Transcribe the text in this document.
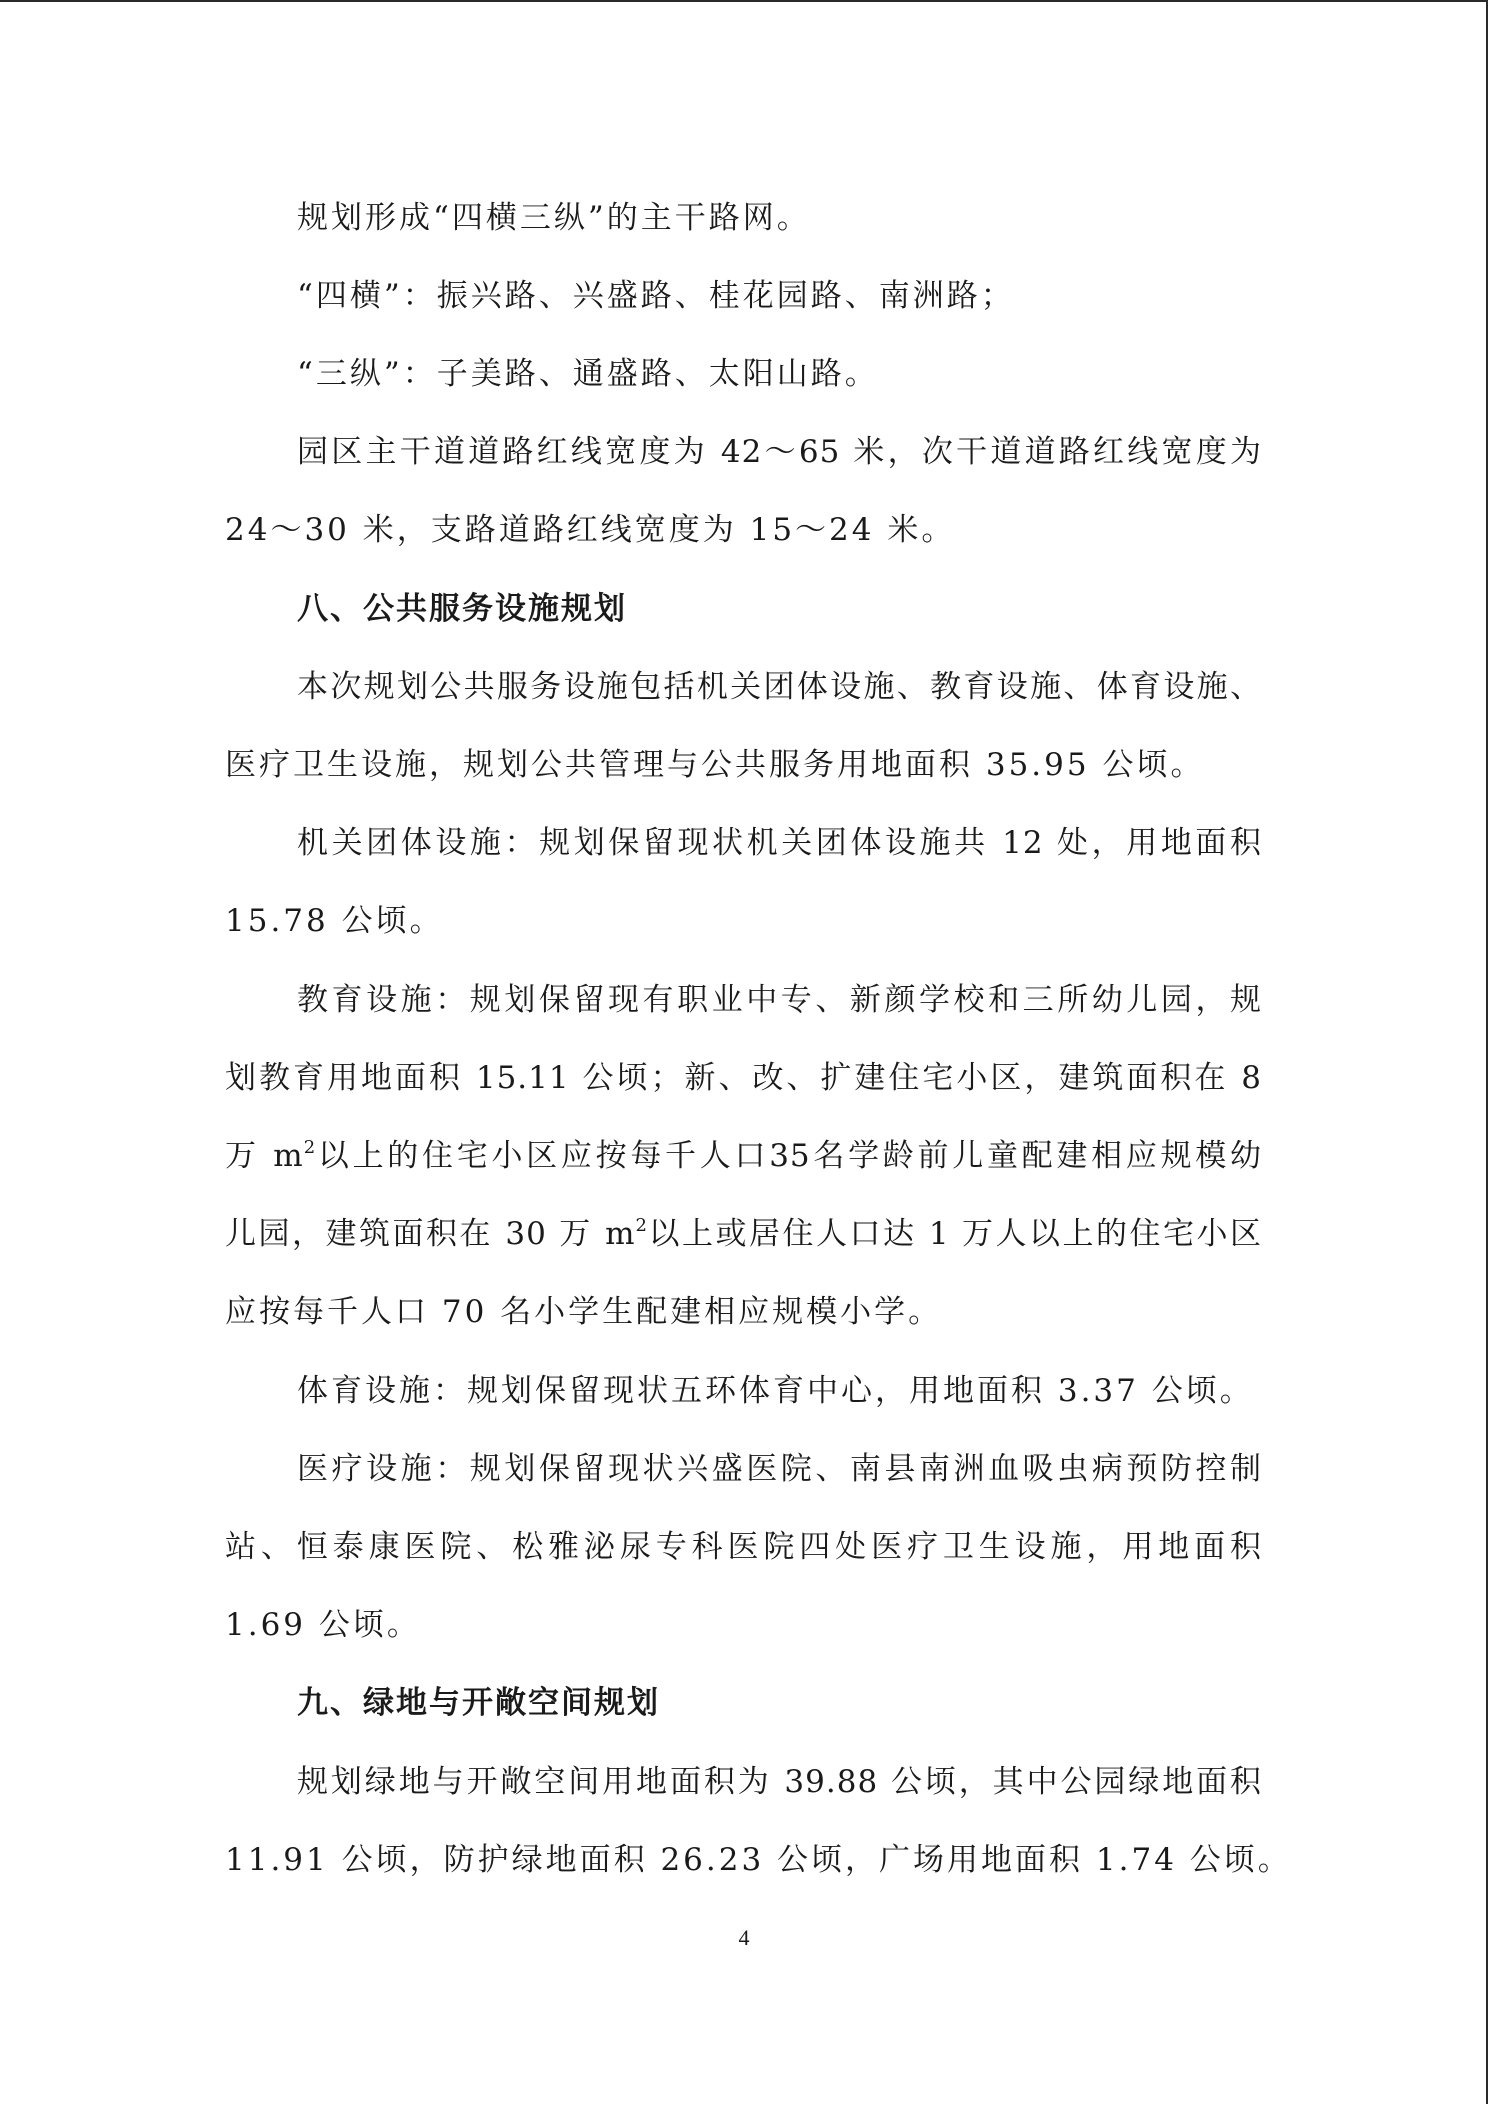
规划形成“四横三纵”的主干路网。
“四横”：振兴路、兴盛路、桂花园路、南洲路；
“三纵”：子美路、通盛路、太阳山路。
园区主干道道路红线宽度为 42～65 米，次干道道路红线宽度为
24～30 米，支路道路红线宽度为 15～24 米。
八、公共服务设施规划
本次规划公共服务设施包括机关团体设施、教育设施、体育设施、
医疗卫生设施，规划公共管理与公共服务用地面积 35.95 公顷。
机关团体设施：规划保留现状机关团体设施共 12 处，用地面积
15.78 公顷。
教育设施：规划保留现有职业中专、新颜学校和三所幼儿园，规
划教育用地面积 15.11 公顷；新、改、扩建住宅小区，建筑面积在 8
万 $m^2$以上的住宅小区应按每千人口35名学龄前儿童配建相应规模幼
儿园，建筑面积在 30 万 $m^2$以上或居住人口达 1 万人以上的住宅小区
应按每千人口 70 名小学生配建相应规模小学。
体育设施：规划保留现状五环体育中心，用地面积 3.37 公顷。
医疗设施：规划保留现状兴盛医院、南县南洲血吸虫病预防控制
站、恒泰康医院、松雅泌尿专科医院四处医疗卫生设施，用地面积
1.69 公顷。
九、绿地与开敞空间规划
规划绿地与开敞空间用地面积为 39.88 公顷，其中公园绿地面积
11.91 公顷，防护绿地面积 26.23 公顷，广场用地面积 1.74 公顷。
4
